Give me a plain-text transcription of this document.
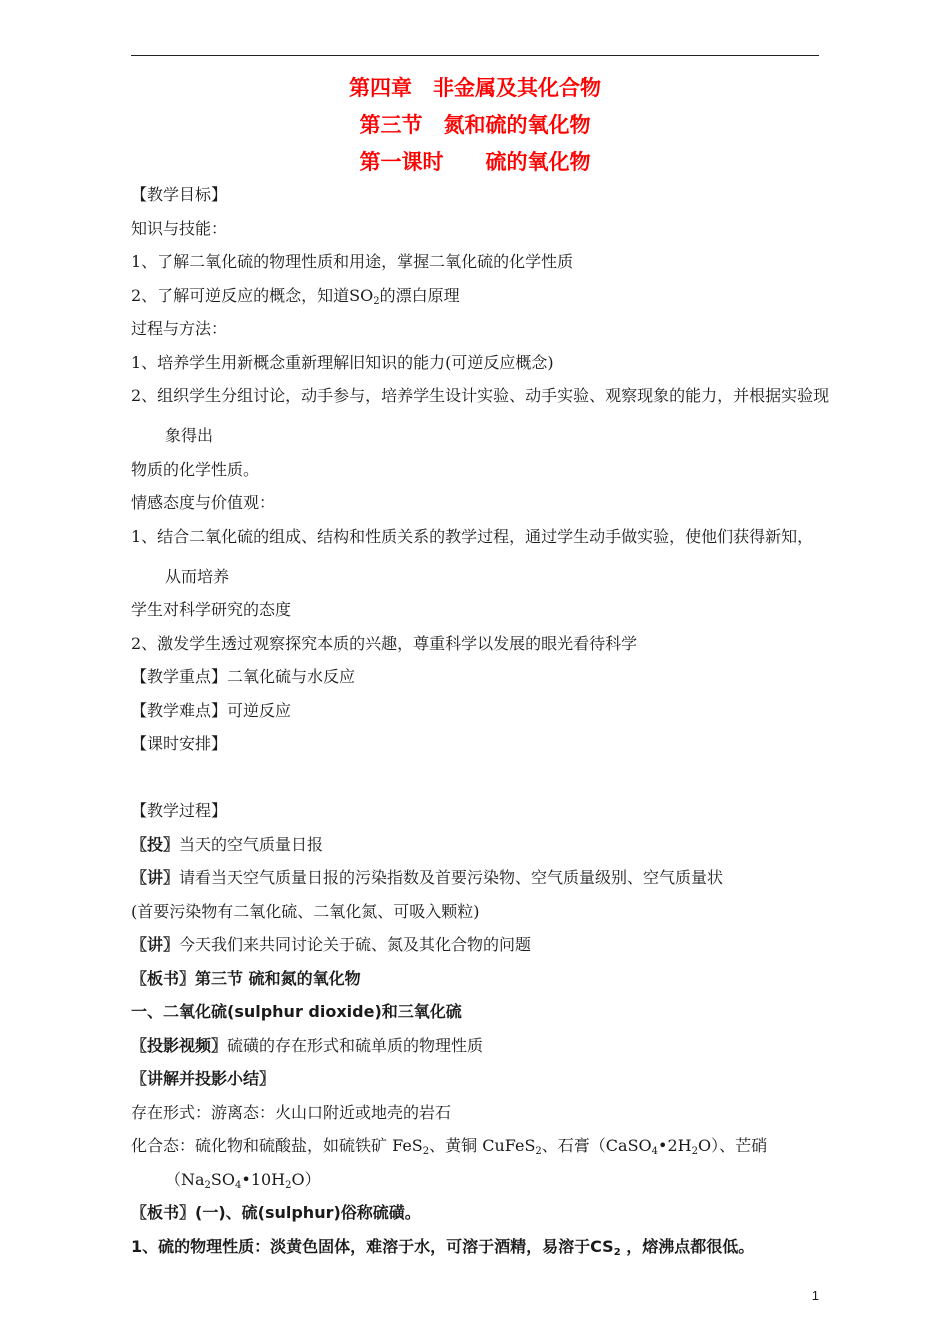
第四章　非金属及其化合物
第三节　氮和硫的氧化物
第一课时　　硫的氧化物
【教学目标】
知识与技能：
1、了解二氧化硫的物理性质和用途，掌握二氧化硫的化学性质
2、了解可逆反应的概念，知道$SO_2$的漂白原理
过程与方法：
1、培养学生用新概念重新理解旧知识的能力(可逆反应概念)
2、组织学生分组讨论，动手参与，培养学生设计实验、动手实验、观察现象的能力，并根据实验现
象得出
物质的化学性质。
情感态度与价值观：
1、结合二氧化硫的组成、结构和性质关系的教学过程，通过学生动手做实验，使他们获得新知，
从而培养
学生对科学研究的态度
2、激发学生透过观察探究本质的兴趣，尊重科学以发展的眼光看待科学
【教学重点】二氧化硫与水反应
【教学难点】可逆反应
【课时安排】
【教学过程】
〖投〗当天的空气质量日报
〖讲〗请看当天空气质量日报的污染指数及首要污染物、空气质量级别、空气质量状
(首要污染物有二氧化硫、二氧化氮、可吸入颗粒)
〖讲〗今天我们来共同讨论关于硫、氮及其化合物的问题
〖板书〗第三节 硫和氮的氧化物
一、二氧化硫(sulphur dioxide)和三氧化硫
〖投影视频〗硫磺的存在形式和硫单质的物理性质
〖讲解并投影小结〗
存在形式：游离态：火山口附近或地壳的岩石
化合态：硫化物和硫酸盐，如硫铁矿 FeS$_2$、黄铜 CuFeS$_2$、石膏$(CaSO_4•2H_2O)$、芒硝
$(Na_2SO_4•10H_2O)$
〖板书〗(一)、硫(sulphur)俗称硫磺。
1、硫的物理性质：淡黄色固体，难溶于水，可溶于酒精，易溶于$CS_2$ ，熔沸点都很低。
1
